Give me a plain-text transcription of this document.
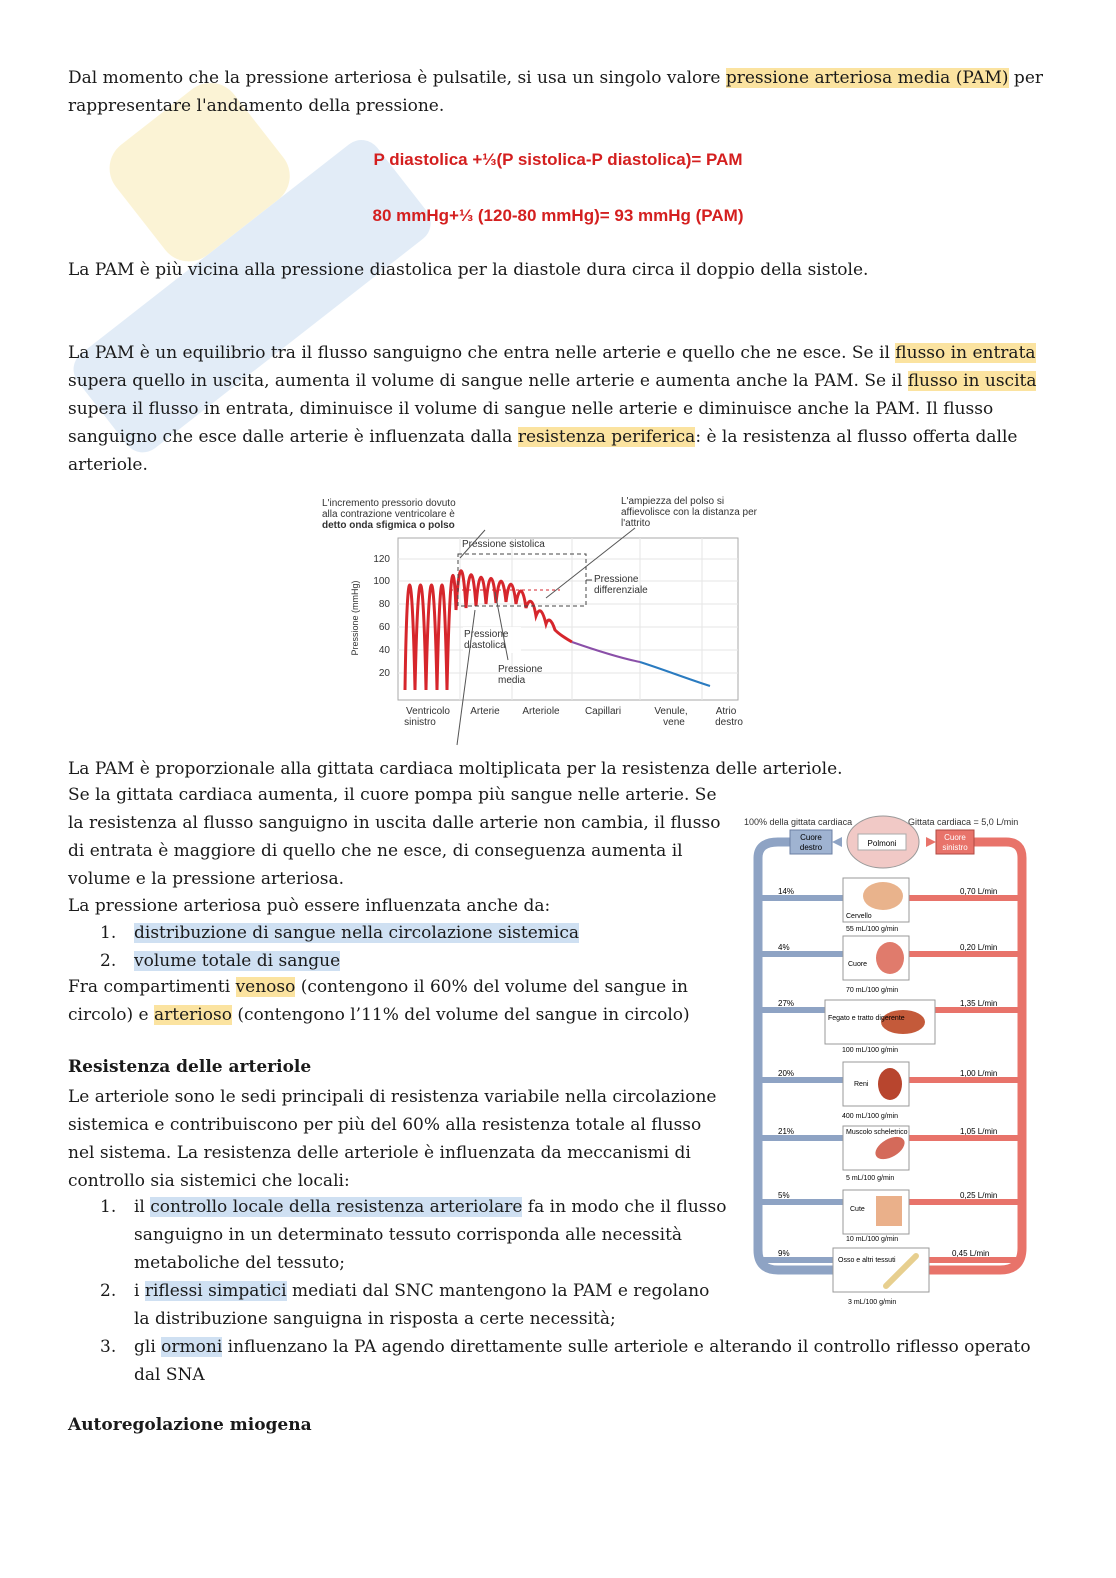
Dal momento che la pressione arteriosa è pulsatile, si usa un singolo valore pressione arteriosa media (PAM) per rappresentare l'andamento della pressione.

P diastolica +⅓(P sistolica-P diastolica)= PAM
80 mmHg+⅓ (120-80 mmHg)= 93 mmHg (PAM)

La PAM è più vicina alla pressione diastolica per la diastole dura circa il doppio della sistole.

La PAM è un equilibrio tra il flusso sanguigno che entra nelle arterie e quello che ne esce. Se il flusso in entrata supera quello in uscita, aumenta il volume di sangue nelle arterie e aumenta anche la PAM. Se il flusso in uscita supera il flusso in entrata, diminuisce il volume di sangue nelle arterie e diminuisce anche la PAM. Il flusso sanguigno che esce dalle arterie è influenzata dalla resistenza periferica: è la resistenza al flusso offerta dalle arteriole.

L'incremento pressorio dovuto
alla contrazione ventricolare è
detto onda sfigmica o polso
L'ampiezza del polso si
affievolisce con la distanza per
l'attrito
120
100
80
60
40
20
Pressione (mmHg)
Pressione sistolica
Pressione
differenziale
Pressione
diastolica
Pressione
media
Ventricolo
sinistro
Arterie Arteriole	Capillari	Venule,
vene
Atrio
destro

La PAM è proporzionale alla gittata cardiaca moltiplicata per la resistenza delle arteriole.

Se la gittata cardiaca aumenta, il cuore pompa più sangue nelle arterie. Se la resistenza al flusso sanguigno in uscita dalle arterie non cambia, il flusso di entrata è maggiore di quello che ne esce, di conseguenza aumenta il volume e la pressione arteriosa.

La pressione arteriosa può essere influenzata anche da:

1. distribuzione di sangue nella circolazione sistemica
2. volume totale di sangue

Fra compartimenti venoso (contengono il 60% del volume del sangue in circolo) e arterioso (contengono l’11% del volume del sangue in circolo)

Resistenza delle arteriole

Le arteriole sono le sedi principali di resistenza variabile nella circolazione sistemica e contribuiscono per più del 60% alla resistenza totale al flusso nel sistema. La resistenza delle arteriole è influenzata da meccanismi di controllo sia sistemici che locali:

1. il controllo locale della resistenza arteriolare fa in modo che il flusso sanguigno in un determinato tessuto corrisponda alle necessità metaboliche del tessuto;
2. i riflessi simpatici mediati dal SNC mantengono la PAM e regolano la distribuzione sanguigna in risposta a certe necessità;
3. gli ormoni influenzano la PA agendo direttamente sulle arteriole e alterando il controllo riflesso operato dal SNA
Autoregolazione miogena
100% della gittata cardiaca	Gittata cardiaca = 5,0 L/min
Cuore
destro	Polmoni
Cuore
sinistro
14%	0,70 L/min
Cervello
55 mL/100 g/min
4%	0,20 L/min
Cuore
70 mL/100 g/min
27%	1,35 L/min
Fegato e tratto digerente
100 mL/100 g/min
20%	1,00 L/min
Reni
400 mL/100 g/min
21%	1,05 L/min
Muscolo scheletrico
5 mL/100 g/min
5%	0,25 L/min
Cute
10 mL/100 g/min
9%	0,45 L/min
Osso e altri tessuti
3 mL/100 g/min
